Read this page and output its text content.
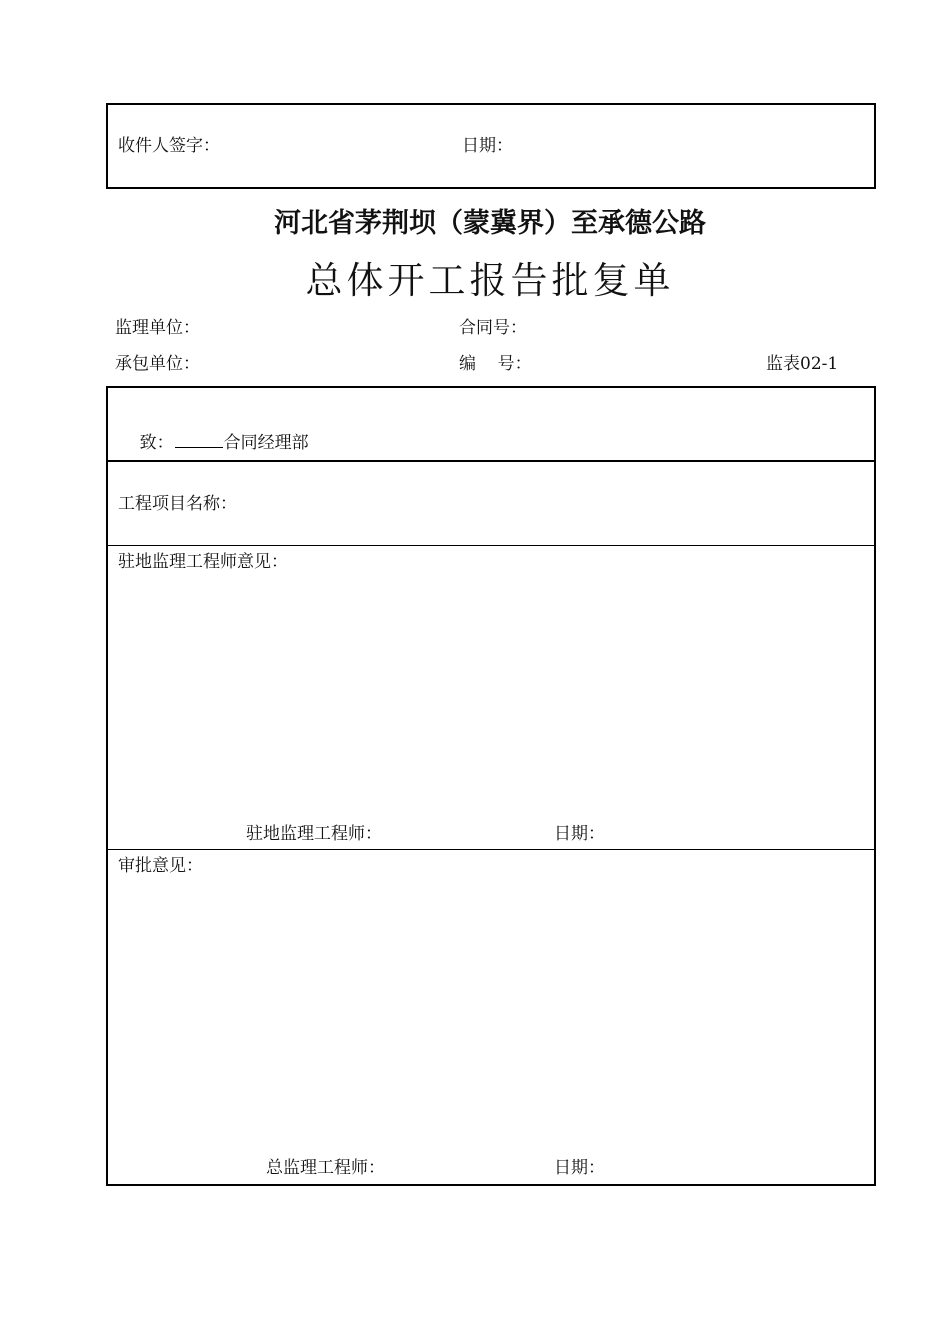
收件人签字：	日期：
河北省茅荆坝（蒙冀界）至承德公路
总体开工报告批复单
监理单位：	合同号：
承包单位：	编    号：	监表02-1

致：	合同经理部

工程项目名称：
驻地监理工程师意见：
驻地监理工程师：	日期：
审批意见：
总监理工程师：	日期：
